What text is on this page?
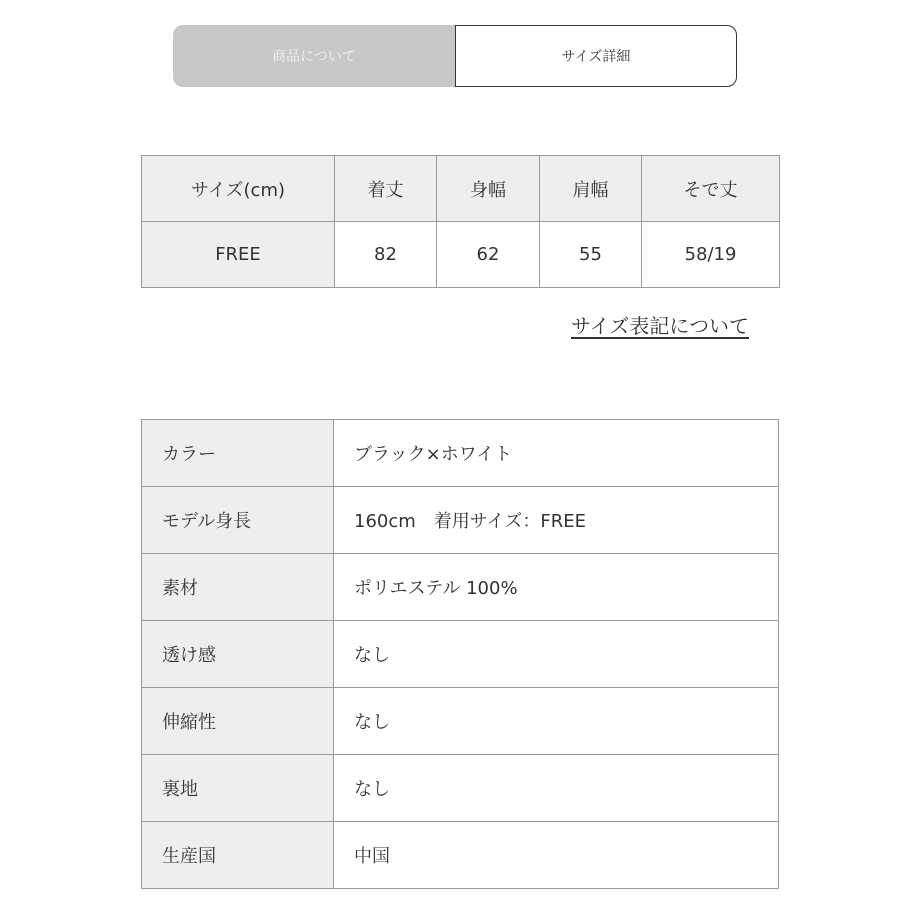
商品について	サイズ詳細
サイズ(cm)	着丈	身幅	肩幅	そで丈
FREE	82	62	55	58/19
サイズ表記について
カラー	ブラック×ホワイト
モデル身長	160cm　着用サイズ：FREE
素材	ポリエステル 100%
透け感	なし
伸縮性	なし
裏地	なし
生産国	中国
